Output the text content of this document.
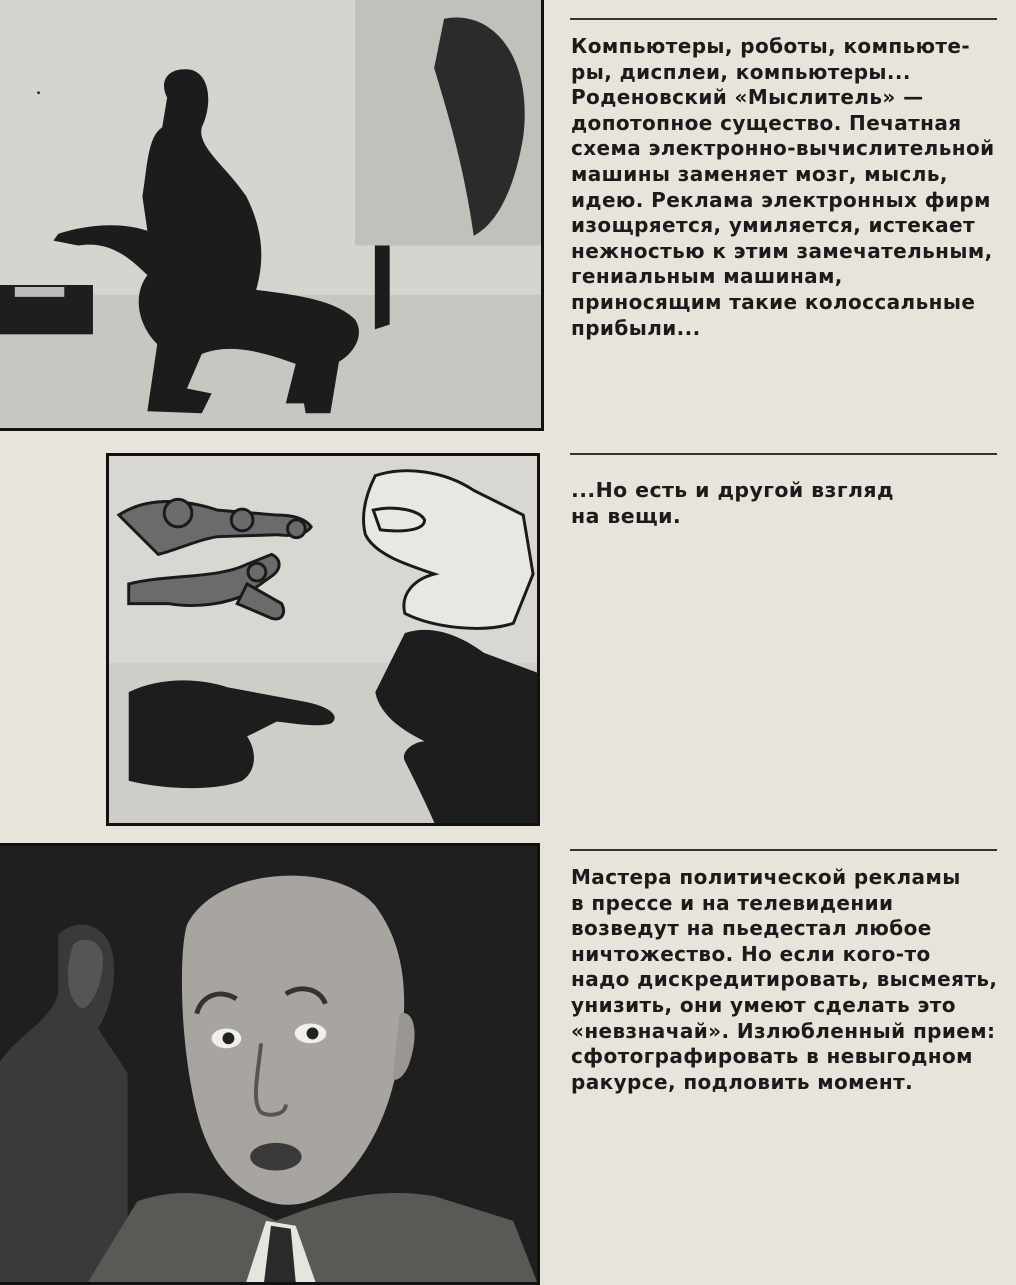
Компьютеры, роботы, компьюте-
ры, дисплеи, компьютеры...
Роденовский «Мыслитель» —
допотопное существо. Печатная
схема электронно-вычислительной
машины заменяет мозг, мысль,
идею. Реклама электронных фирм
изощряется, умиляется, истекает
нежностью к этим замечательным,
гениальным машинам,
приносящим такие колоссальные
прибыли...

...Но есть и другой взгляд
на вещи.

Мастера политической рекламы
в прессе и на телевидении
возведут на пьедестал любое
ничтожество. Но если кого-то
надо дискредитировать, высмеять,
унизить, они умеют сделать это
«невзначай». Излюбленный прием:
сфотографировать в невыгодном
ракурсе, подловить момент.
